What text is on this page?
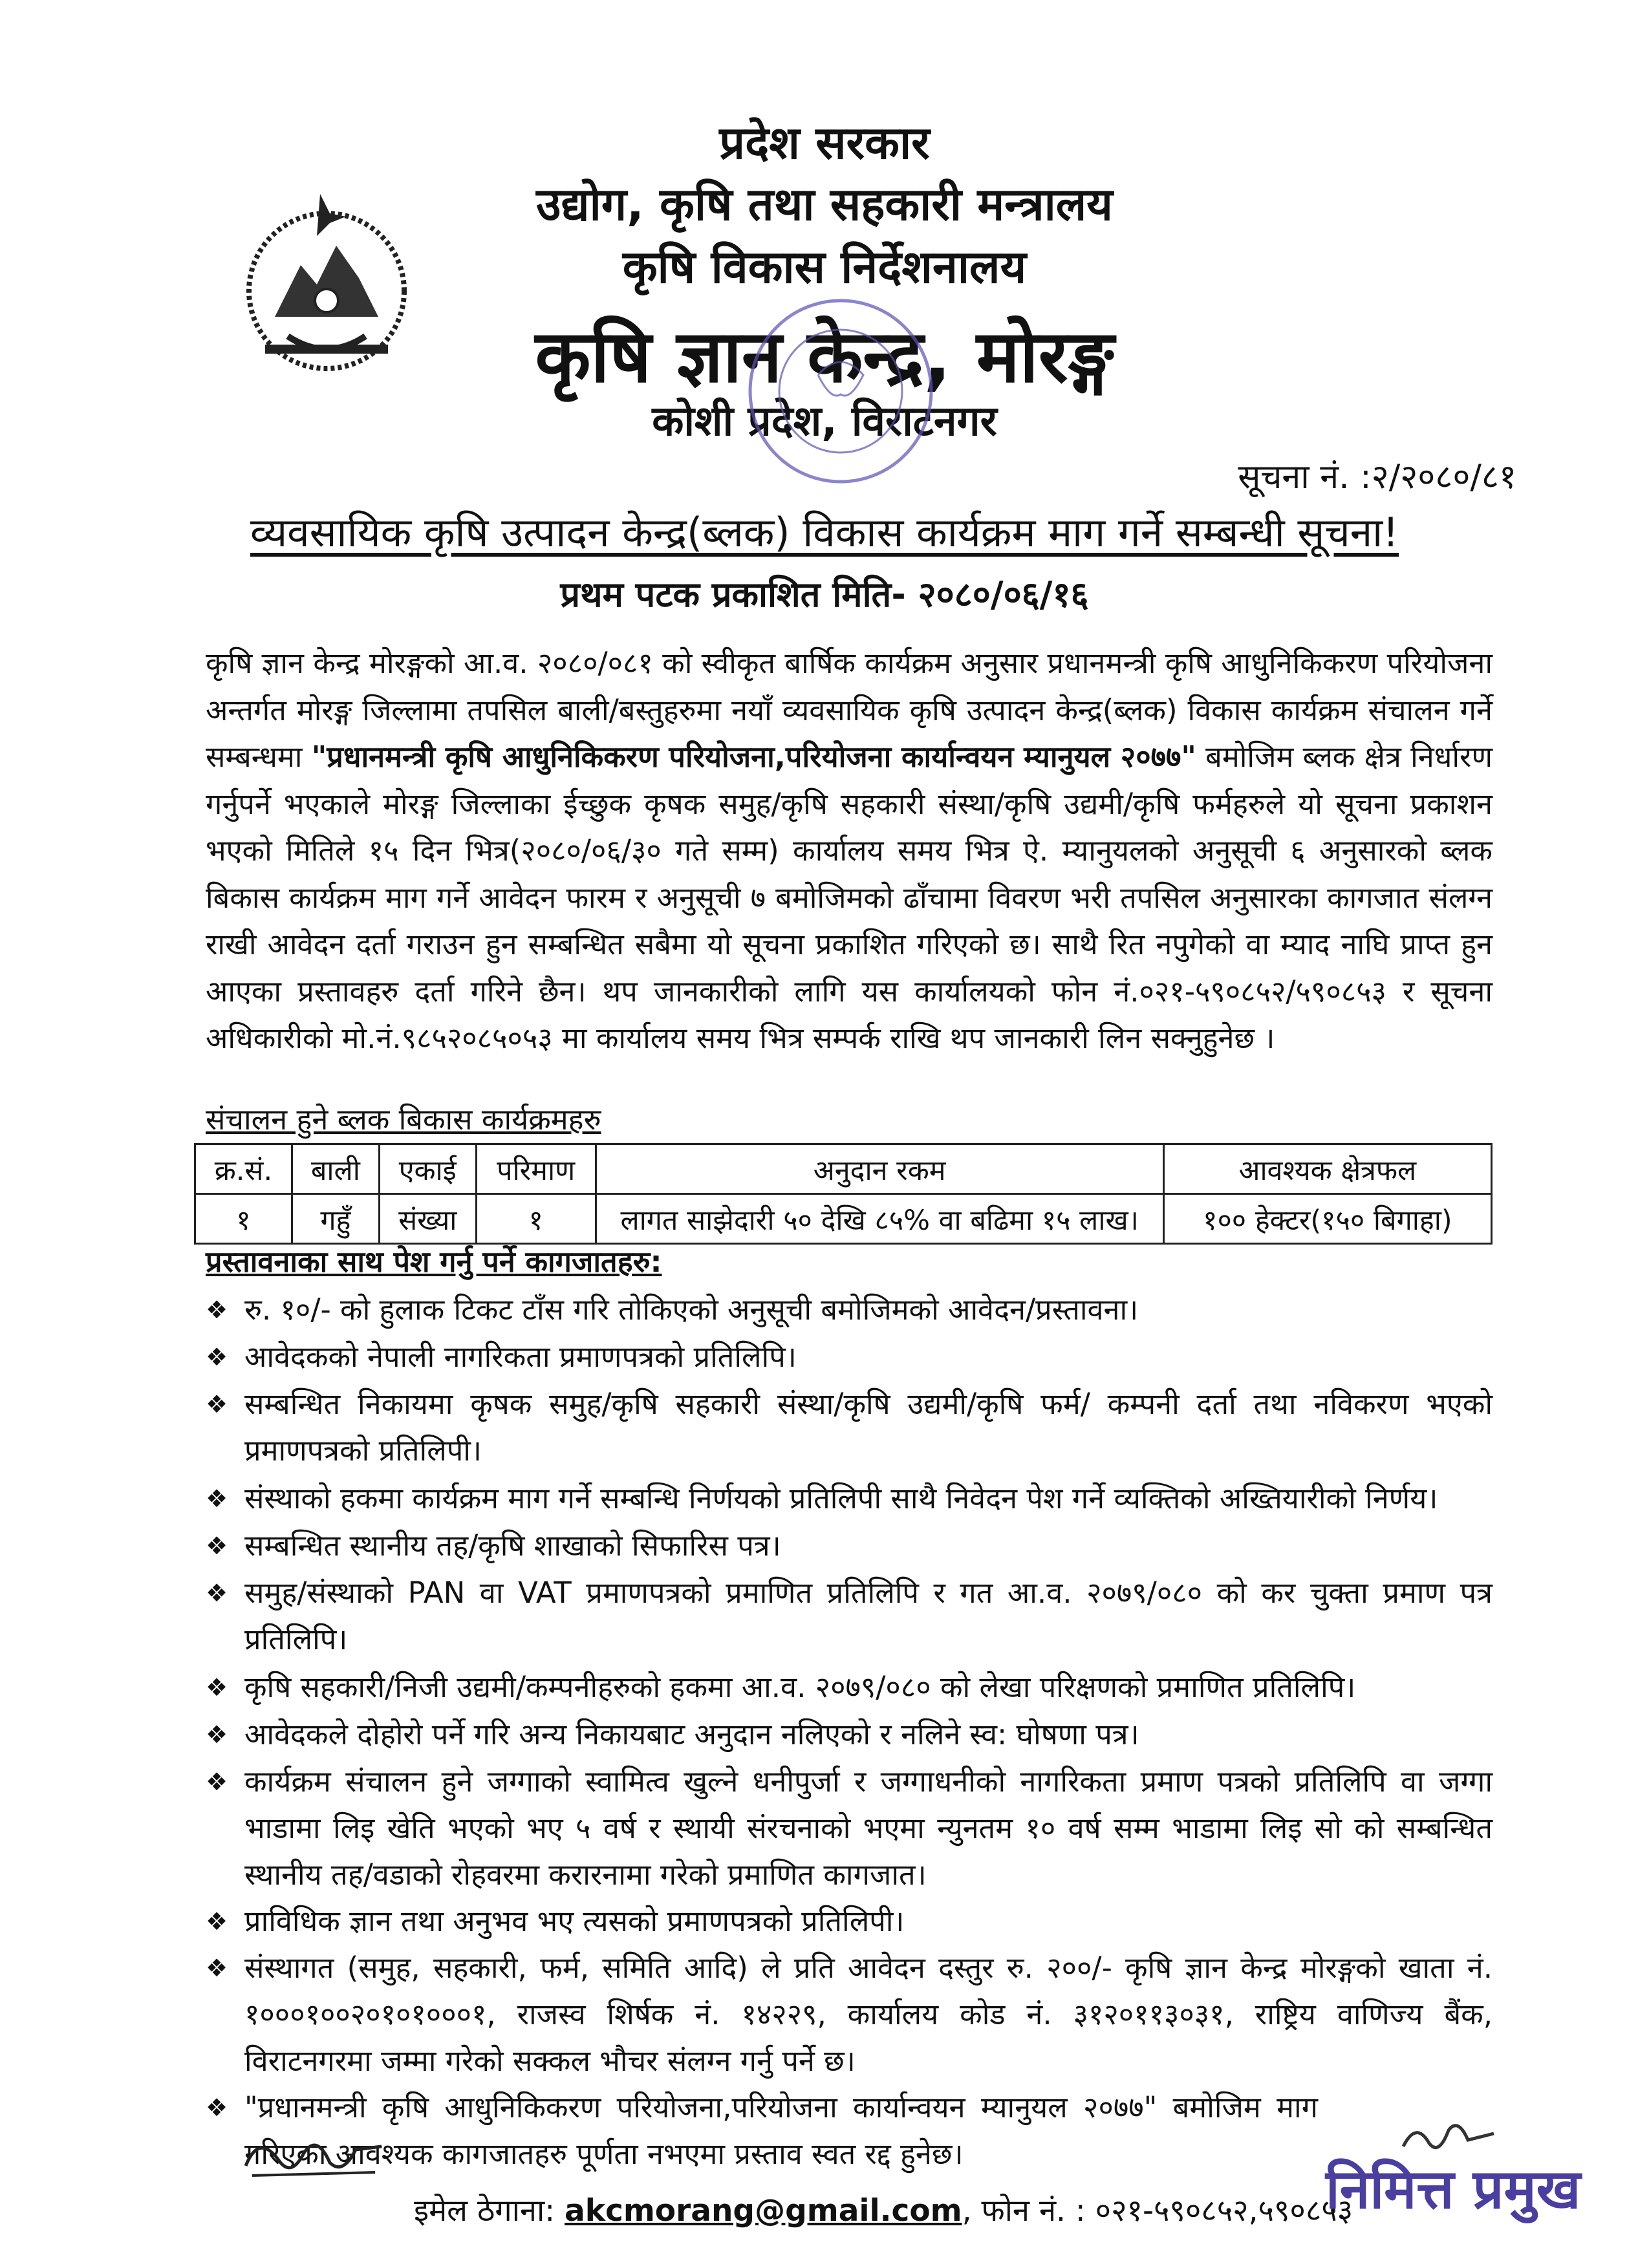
प्रदेश सरकार
उद्योग, कृषि तथा सहकारी मन्त्रालय
कृषि विकास निर्देशनालय
कृषि ज्ञान केन्द्र, मोरङ्ग
कोशी प्रदेश, विराटनगर
सूचना नं. :२/२०८०/८१
व्यवसायिक कृषि उत्पादन केन्द्र(ब्लक) विकास कार्यक्रम माग गर्ने सम्बन्धी सूचना!
प्रथम पटक प्रकाशित मिति- २०८०/०६/१६
कृषि ज्ञान केन्द्र मोरङ्गको आ.व. २०८०/०८१ को स्वीकृत बार्षिक कार्यक्रम अनुसार प्रधानमन्त्री कृषि आधुनिकिकरण परियोजना अन्तर्गत मोरङ्ग जिल्लामा तपसिल बाली/बस्तुहरुमा नयाँ व्यवसायिक कृषि उत्पादन केन्द्र(ब्लक) विकास कार्यक्रम संचालन गर्ने सम्बन्धमा "प्रधानमन्त्री कृषि आधुनिकिकरण परियोजना,परियोजना कार्यान्वयन म्यानुयल २०७७" बमोजिम ब्लक क्षेत्र निर्धारण गर्नुपर्ने भएकाले मोरङ्ग जिल्लाका ईच्छुक कृषक समुह/कृषि सहकारी संस्था/कृषि उद्यमी/कृषि फर्महरुले यो सूचना प्रकाशन भएको मितिले १५ दिन भित्र(२०८०/०६/३० गते सम्म) कार्यालय समय भित्र ऐ. म्यानुयलको अनुसूची ६ अनुसारको ब्लक बिकास कार्यक्रम माग गर्ने आवेदन फारम र अनुसूची ७ बमोजिमको ढाँचामा विवरण भरी तपसिल अनुसारका कागजात संलग्न राखी आवेदन दर्ता गराउन हुन सम्बन्धित सबैमा यो सूचना प्रकाशित गरिएको छ। साथै रित नपुगेको वा म्याद नाघि प्राप्त हुन आएका प्रस्तावहरु दर्ता गरिने छैन। थप जानकारीको लागि यस कार्यालयको फोन नं.०२१-५९०८५२/५९०८५३ र सूचना अधिकारीको मो.नं.९८५२०८५०५३ मा कार्यालय समय भित्र सम्पर्क राखि थप जानकारी लिन सक्नुहुनेछ ।
संचालन हुने ब्लक बिकास कार्यक्रमहरु
क्र.सं.	बाली	एकाई	परिमाण	अनुदान रकम	आवश्यक क्षेत्रफल
१	गहुँ	संख्या	१	लागत साझेदारी ५० देखि ८५% वा बढिमा १५ लाख।	१०० हेक्टर(१५० बिगाहा)
प्रस्तावनाका साथ पेश गर्नु पर्ने कागजातहरु:
❖ रु. १०/- को हुलाक टिकट टाँस गरि तोकिएको अनुसूची बमोजिमको आवेदन/प्रस्तावना।
❖ आवेदकको नेपाली नागरिकता प्रमाणपत्रको प्रतिलिपि।
❖ सम्बन्धित निकायमा कृषक समुह/कृषि सहकारी संस्था/कृषि उद्यमी/कृषि फर्म/ कम्पनी दर्ता तथा नविकरण भएको प्रमाणपत्रको प्रतिलिपी।
❖ संस्थाको हकमा कार्यक्रम माग गर्ने सम्बन्धि निर्णयको प्रतिलिपी साथै निवेदन पेश गर्ने व्यक्तिको अख्तियारीको निर्णय।
❖ सम्बन्धित स्थानीय तह/कृषि शाखाको सिफारिस पत्र।
❖ समुह/संस्थाको PAN वा VAT प्रमाणपत्रको प्रमाणित प्रतिलिपि र गत आ.व. २०७९/०८० को कर चुक्ता प्रमाण पत्र प्रतिलिपि।
❖ कृषि सहकारी/निजी उद्यमी/कम्पनीहरुको हकमा आ.व. २०७९/०८० को लेखा परिक्षणको प्रमाणित प्रतिलिपि।
❖ आवेदकले दोहोरो पर्ने गरि अन्य निकायबाट अनुदान नलिएको र नलिने स्व: घोषणा पत्र।
❖ कार्यक्रम संचालन हुने जग्गाको स्वामित्व खुल्ने धनीपुर्जा र जग्गाधनीको नागरिकता प्रमाण पत्रको प्रतिलिपि वा जग्गा भाडामा लिइ खेति भएको भए ५ वर्ष र स्थायी संरचनाको भएमा न्युनतम १० वर्ष सम्म भाडामा लिइ सो को सम्बन्धित स्थानीय तह/वडाको रोहवरमा करारनामा गरेको प्रमाणित कागजात।
❖ प्राविधिक ज्ञान तथा अनुभव भए त्यसको प्रमाणपत्रको प्रतिलिपी।
❖ संस्थागत (समुह, सहकारी, फर्म, समिति आदि) ले प्रति आवेदन दस्तुर रु. २००/- कृषि ज्ञान केन्द्र मोरङ्गको खाता नं. १०००१००२०१०१०००१, राजस्व शिर्षक नं. १४२२९, कार्यालय कोड नं. ३१२०११३०३१, राष्ट्रिय वाणिज्य बैंक, विराटनगरमा जम्मा गरेको सक्कल भौचर संलग्न गर्नु पर्ने छ।
❖ "प्रधानमन्त्री कृषि आधुनिकिकरण परियोजना,परियोजना कार्यान्वयन म्यानुयल २०७७" बमोजिम माग गरिएका आवश्यक कागजातहरु पूर्णता नभएमा प्रस्ताव स्वत रद्द हुनेछ।
इमेल ठेगाना: akcmorang@gmail.com, फोन नं. : ०२१-५९०८५२,५९०८५३
निमित्त प्रमुख
